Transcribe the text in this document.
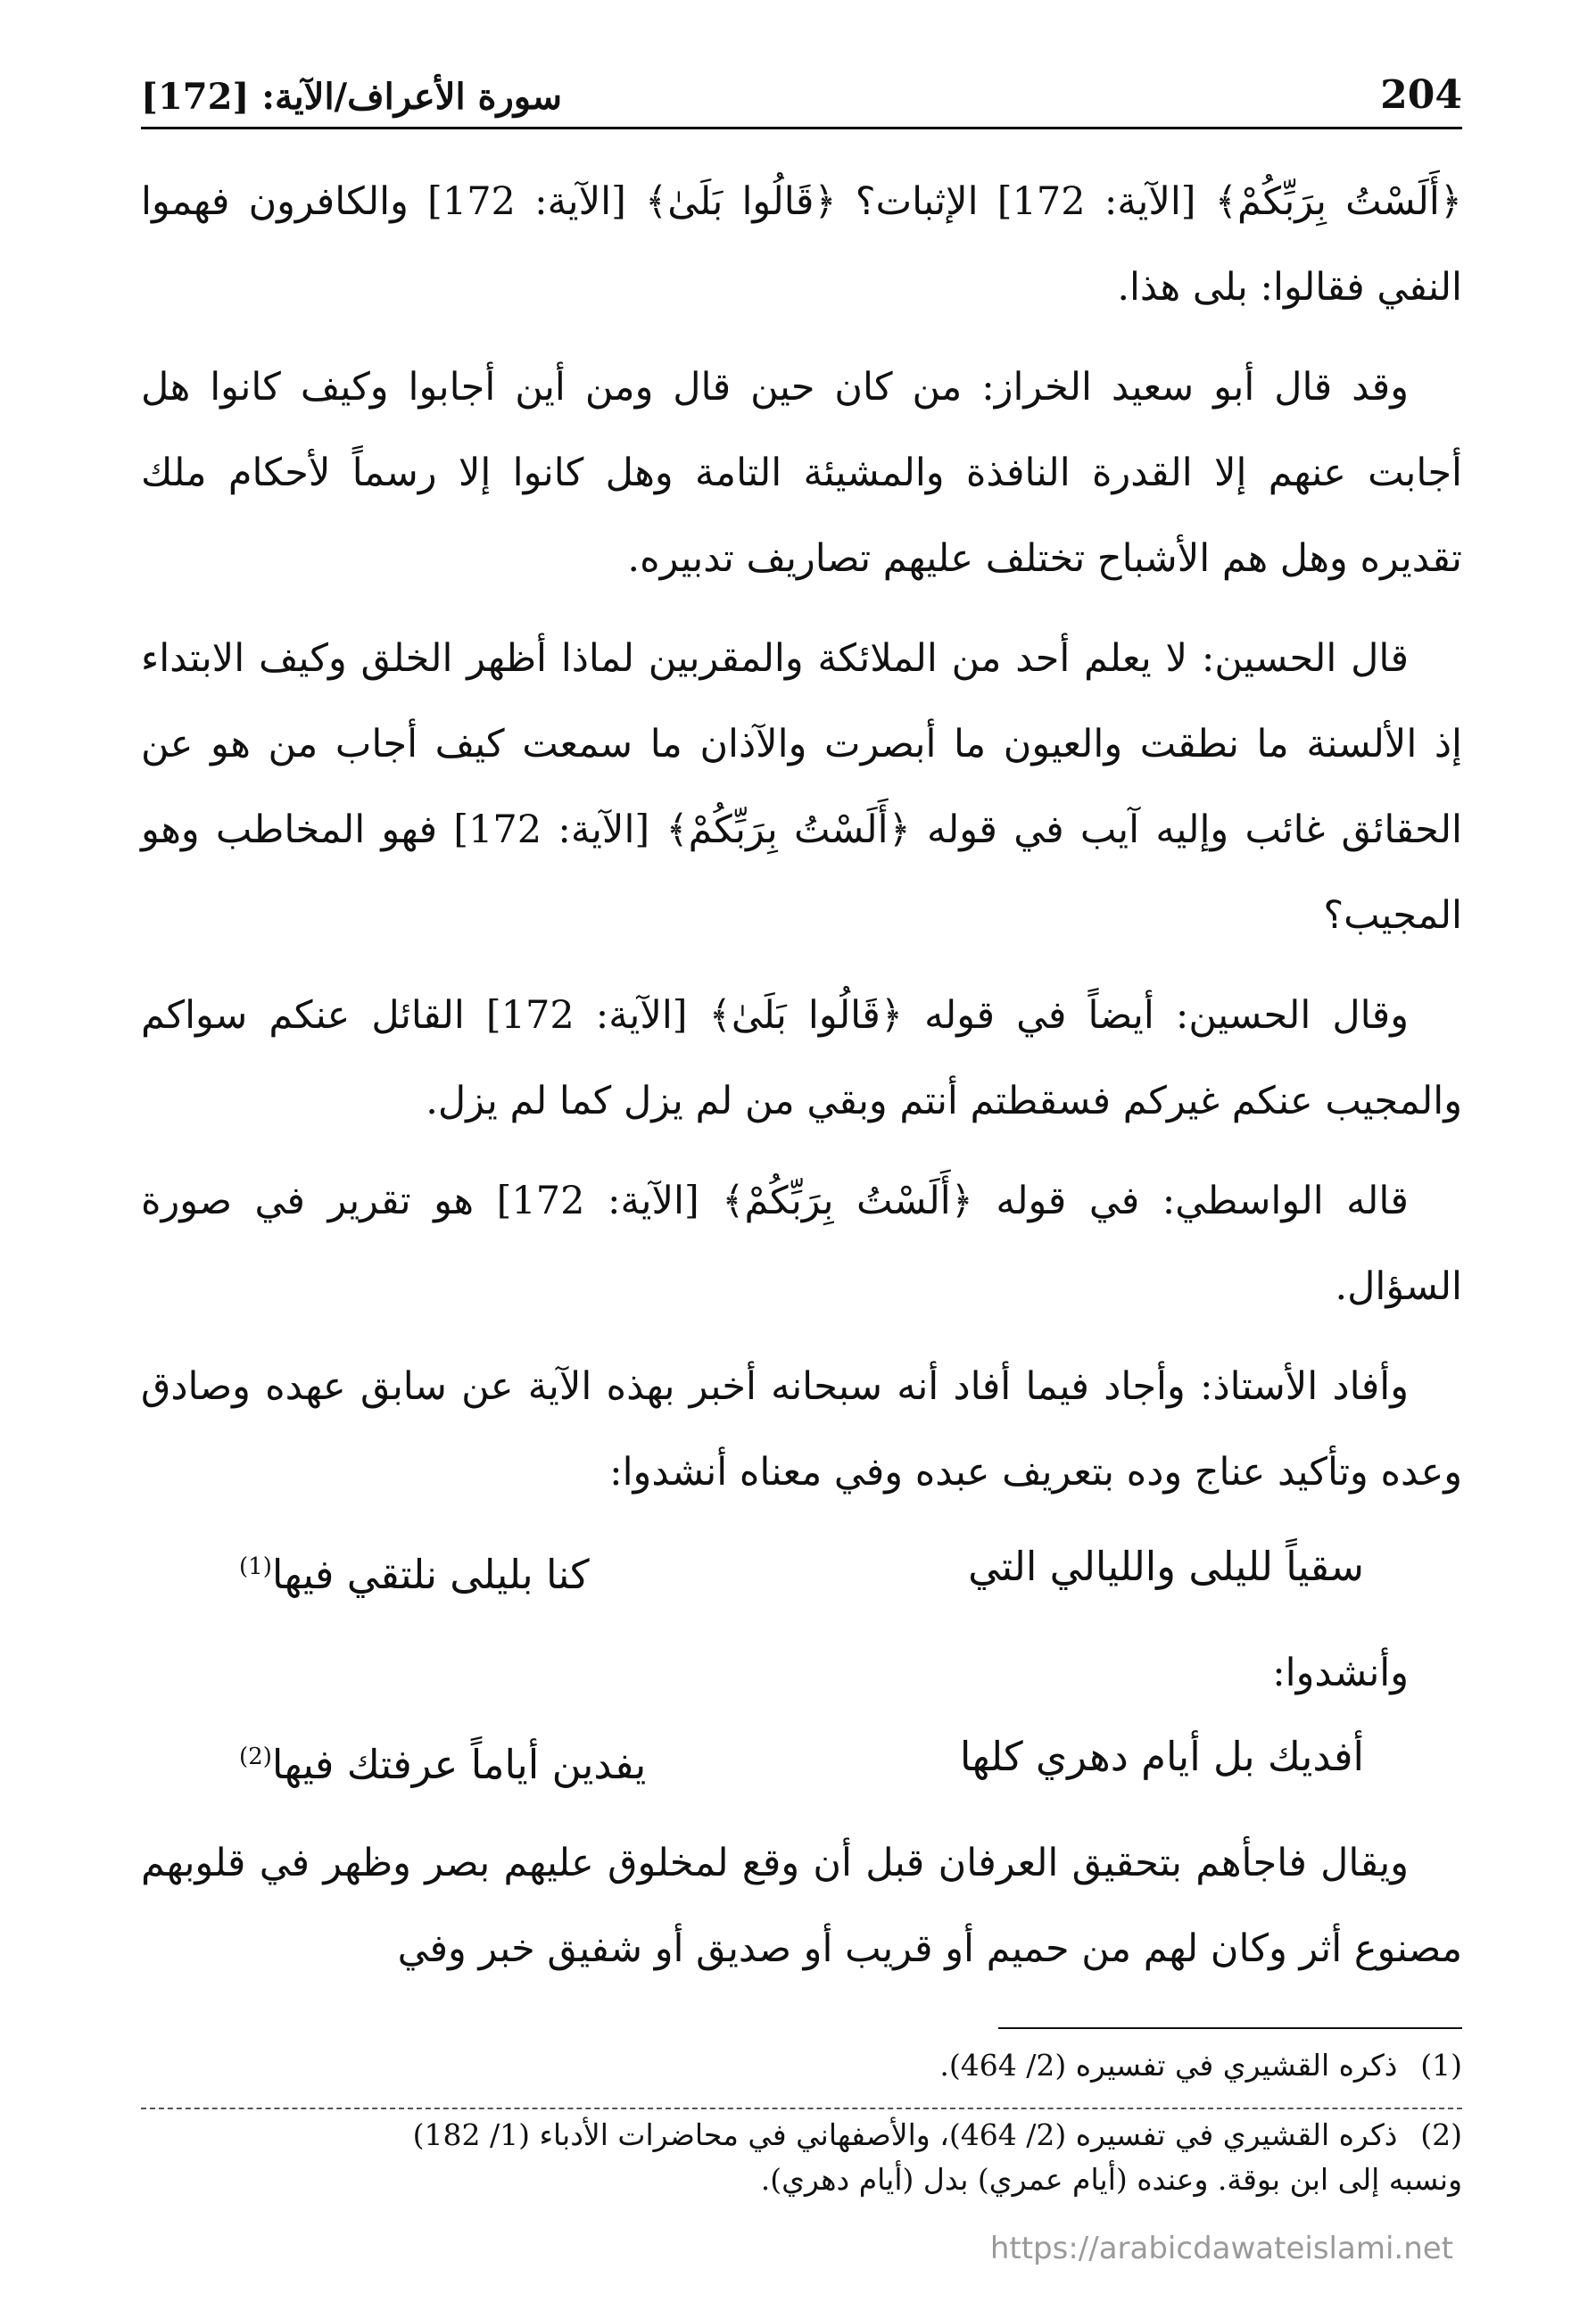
سورة الأعراف/الآية: [172]	204

﴿أَلَسْتُ بِرَبِّكُمْ﴾ [الآية: 172] الإثبات؟ ﴿قَالُوا بَلَىٰ﴾ [الآية: 172] والكافرون فهموا النفي فقالوا: بلى هذا.

وقد قال أبو سعيد الخراز: من كان حين قال ومن أين أجابوا وكيف كانوا هل أجابت عنهم إلا القدرة النافذة والمشيئة التامة وهل كانوا إلا رسماً لأحكام ملك تقديره وهل هم الأشباح تختلف عليهم تصاريف تدبيره.

قال الحسين: لا يعلم أحد من الملائكة والمقربين لماذا أظهر الخلق وكيف الابتداء إذ الألسنة ما نطقت والعيون ما أبصرت والآذان ما سمعت كيف أجاب من هو عن الحقائق غائب وإليه آيب في قوله ﴿أَلَسْتُ بِرَبِّكُمْ﴾ [الآية: 172] فهو المخاطب وهو المجيب؟

وقال الحسين: أيضاً في قوله ﴿قَالُوا بَلَىٰ﴾ [الآية: 172] القائل عنكم سواكم والمجيب عنكم غيركم فسقطتم أنتم وبقي من لم يزل كما لم يزل.

قاله الواسطي: في قوله ﴿أَلَسْتُ بِرَبِّكُمْ﴾ [الآية: 172] هو تقرير في صورة السؤال.

وأفاد الأستاذ: وأجاد فيما أفاد أنه سبحانه أخبر بهذه الآية عن سابق عهده وصادق وعده وتأكيد عناج وده بتعريف عبده وفي معناه أنشدوا:

سقياً لليلى والليالي التي
كنا بليلى نلتقي فيها$^{(1)}$

وأنشدوا:

أفديك بل أيام دهري كلها
يفدين أياماً عرفتك فيها$^{(2)}$

ويقال فاجأهم بتحقيق العرفان قبل أن وقع لمخلوق عليهم بصر وظهر في قلوبهم مصنوع أثر وكان لهم من حميم أو قريب أو صديق أو شفيق خبر وفي

(1) ذكره القشيري في تفسيره (2/ 464).

(2) ذكره القشيري في تفسيره (2/ 464)، والأصفهاني في محاضرات الأدباء (1/ 182)

ونسبه إلى ابن بوقة. وعنده (أيام عمري) بدل (أيام دهري).

https://arabicdawateislami.net
